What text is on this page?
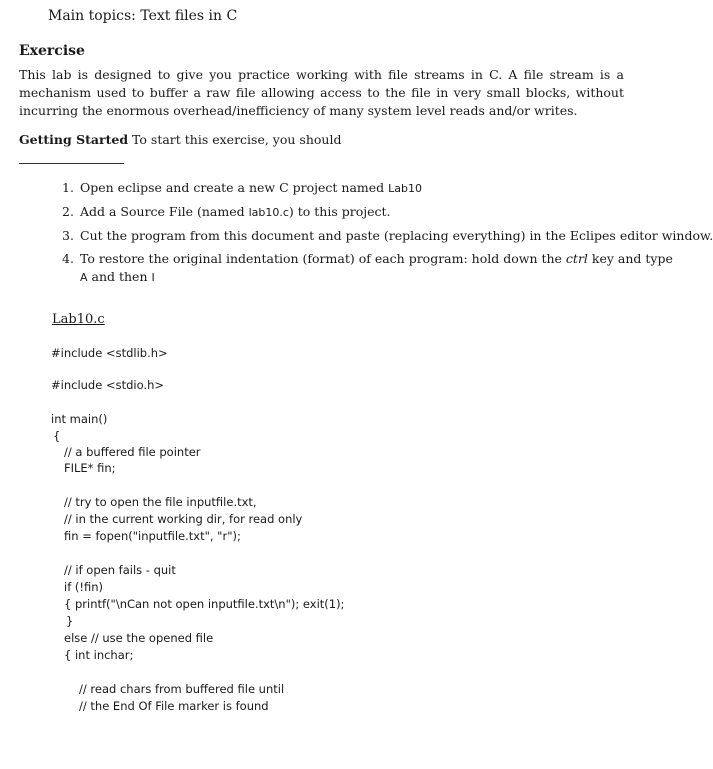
Main topics: Text files in C
Exercise
This lab is designed to give you practice working with file streams in C. A file stream is a mechanism used to buffer a raw file allowing access to the file in very small blocks, without incurring the enormous overhead/inefficiency of many system level reads and/or writes.
Getting Started To start this exercise, you should
1. Open eclipse and create a new C project named Lab10
2. Add a Source File (named lab10.c) to this project.
3. Cut the program from this document and paste (replacing everything) in the Eclipes editor window.
4. To restore the original indentation (format) of each program: hold down the ctrl key and type
A and then I
Lab10.c
#include <stdlib.h>
#include <stdio.h>
int main()
{
// a buffered file pointer
FILE* fin;
// try to open the file inputfile.txt,
// in the current working dir, for read only
fin = fopen("inputfile.txt", "r");
// if open fails - quit
if (!fin)
{ printf("\nCan not open inputfile.txt\n"); exit(1);
}
else // use the opened file
{ int inchar;
// read chars from buffered file until
// the End Of File marker is found
